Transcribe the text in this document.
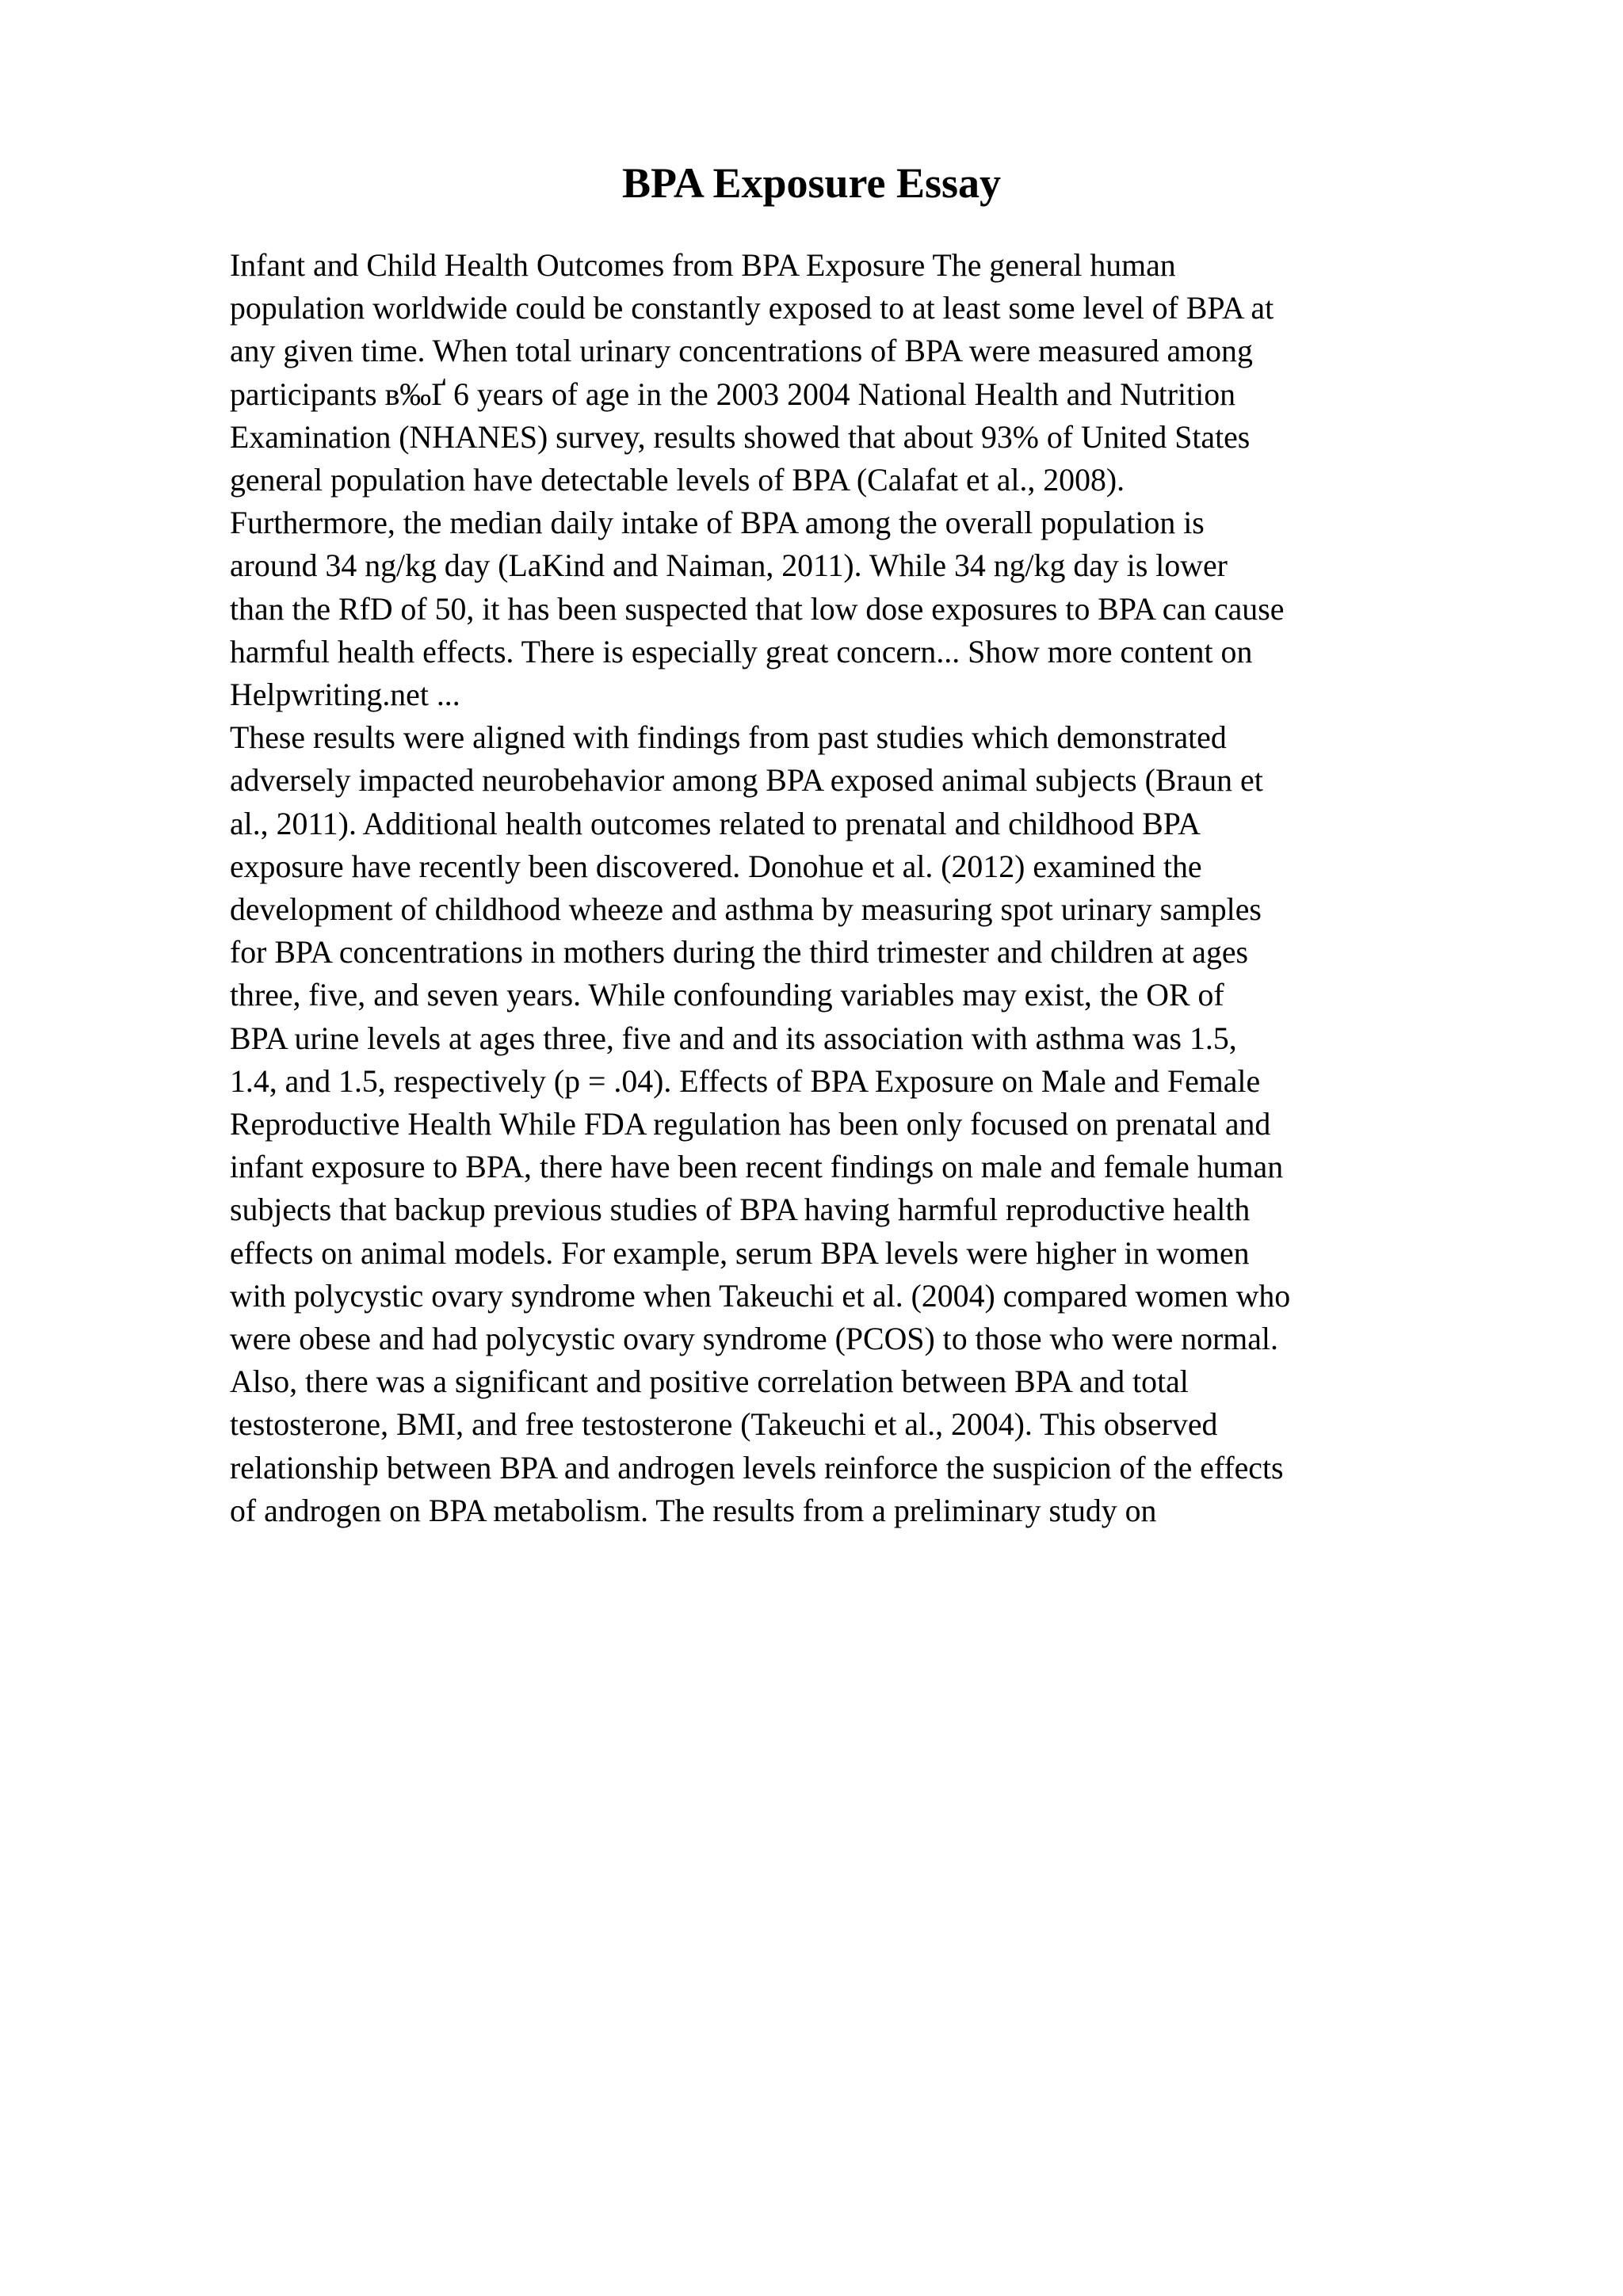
BPA Exposure Essay
Infant and Child Health Outcomes from BPA Exposure The general human
population worldwide could be constantly exposed to at least some level of BPA at
any given time. When total urinary concentrations of BPA were measured among
participants в‰Ґ 6 years of age in the 2003 2004 National Health and Nutrition
Examination (NHANES) survey, results showed that about 93% of United States
general population have detectable levels of BPA (Calafat et al., 2008).
Furthermore, the median daily intake of BPA among the overall population is
around 34 ng/kg day (LaKind and Naiman, 2011). While 34 ng/kg day is lower
than the RfD of 50, it has been suspected that low dose exposures to BPA can cause
harmful health effects. There is especially great concern... Show more content on
Helpwriting.net ...
These results were aligned with findings from past studies which demonstrated
adversely impacted neurobehavior among BPA exposed animal subjects (Braun et
al., 2011). Additional health outcomes related to prenatal and childhood BPA
exposure have recently been discovered. Donohue et al. (2012) examined the
development of childhood wheeze and asthma by measuring spot urinary samples
for BPA concentrations in mothers during the third trimester and children at ages
three, five, and seven years. While confounding variables may exist, the OR of
BPA urine levels at ages three, five and and its association with asthma was 1.5,
1.4, and 1.5, respectively (p = .04). Effects of BPA Exposure on Male and Female
Reproductive Health While FDA regulation has been only focused on prenatal and
infant exposure to BPA, there have been recent findings on male and female human
subjects that backup previous studies of BPA having harmful reproductive health
effects on animal models. For example, serum BPA levels were higher in women
with polycystic ovary syndrome when Takeuchi et al. (2004) compared women who
were obese and had polycystic ovary syndrome (PCOS) to those who were normal.
Also, there was a significant and positive correlation between BPA and total
testosterone, BMI, and free testosterone (Takeuchi et al., 2004). This observed
relationship between BPA and androgen levels reinforce the suspicion of the effects
of androgen on BPA metabolism. The results from a preliminary study on
